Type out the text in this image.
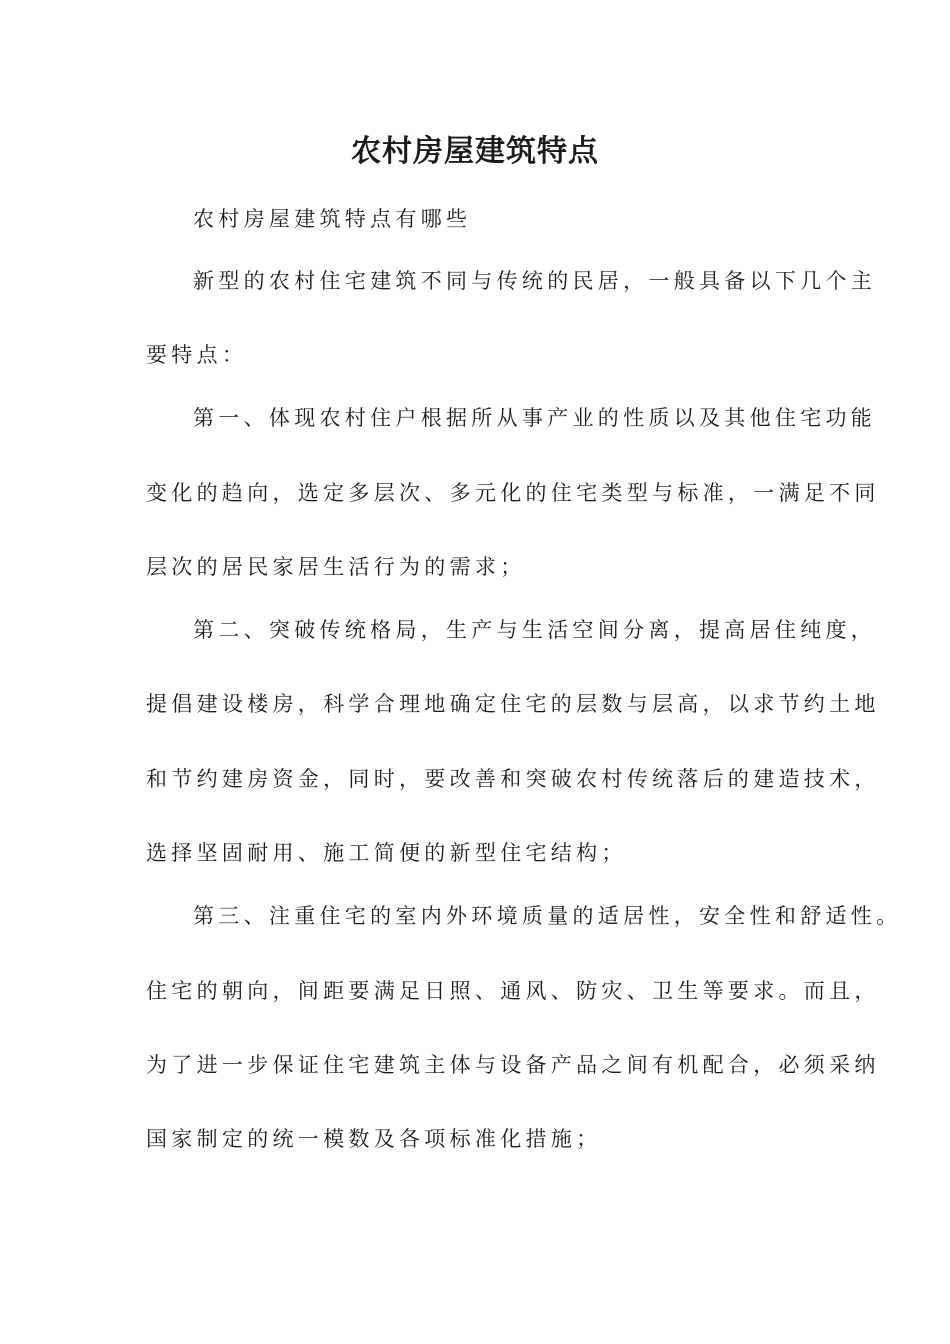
农村房屋建筑特点
农村房屋建筑特点有哪些
新型的农村住宅建筑不同与传统的民居，一般具备以下几个主
要特点：
第一、体现农村住户根据所从事产业的性质以及其他住宅功能
变化的趋向，选定多层次、多元化的住宅类型与标准，一满足不同
层次的居民家居生活行为的需求；
第二、突破传统格局，生产与生活空间分离，提高居住纯度，
提倡建设楼房，科学合理地确定住宅的层数与层高，以求节约土地
和节约建房资金，同时，要改善和突破农村传统落后的建造技术，
选择坚固耐用、施工简便的新型住宅结构；
第三、注重住宅的室内外环境质量的适居性，安全性和舒适性。
住宅的朝向，间距要满足日照、通风、防灾、卫生等要求。而且，
为了进一步保证住宅建筑主体与设备产品之间有机配合，必须采纳
国家制定的统一模数及各项标准化措施；
